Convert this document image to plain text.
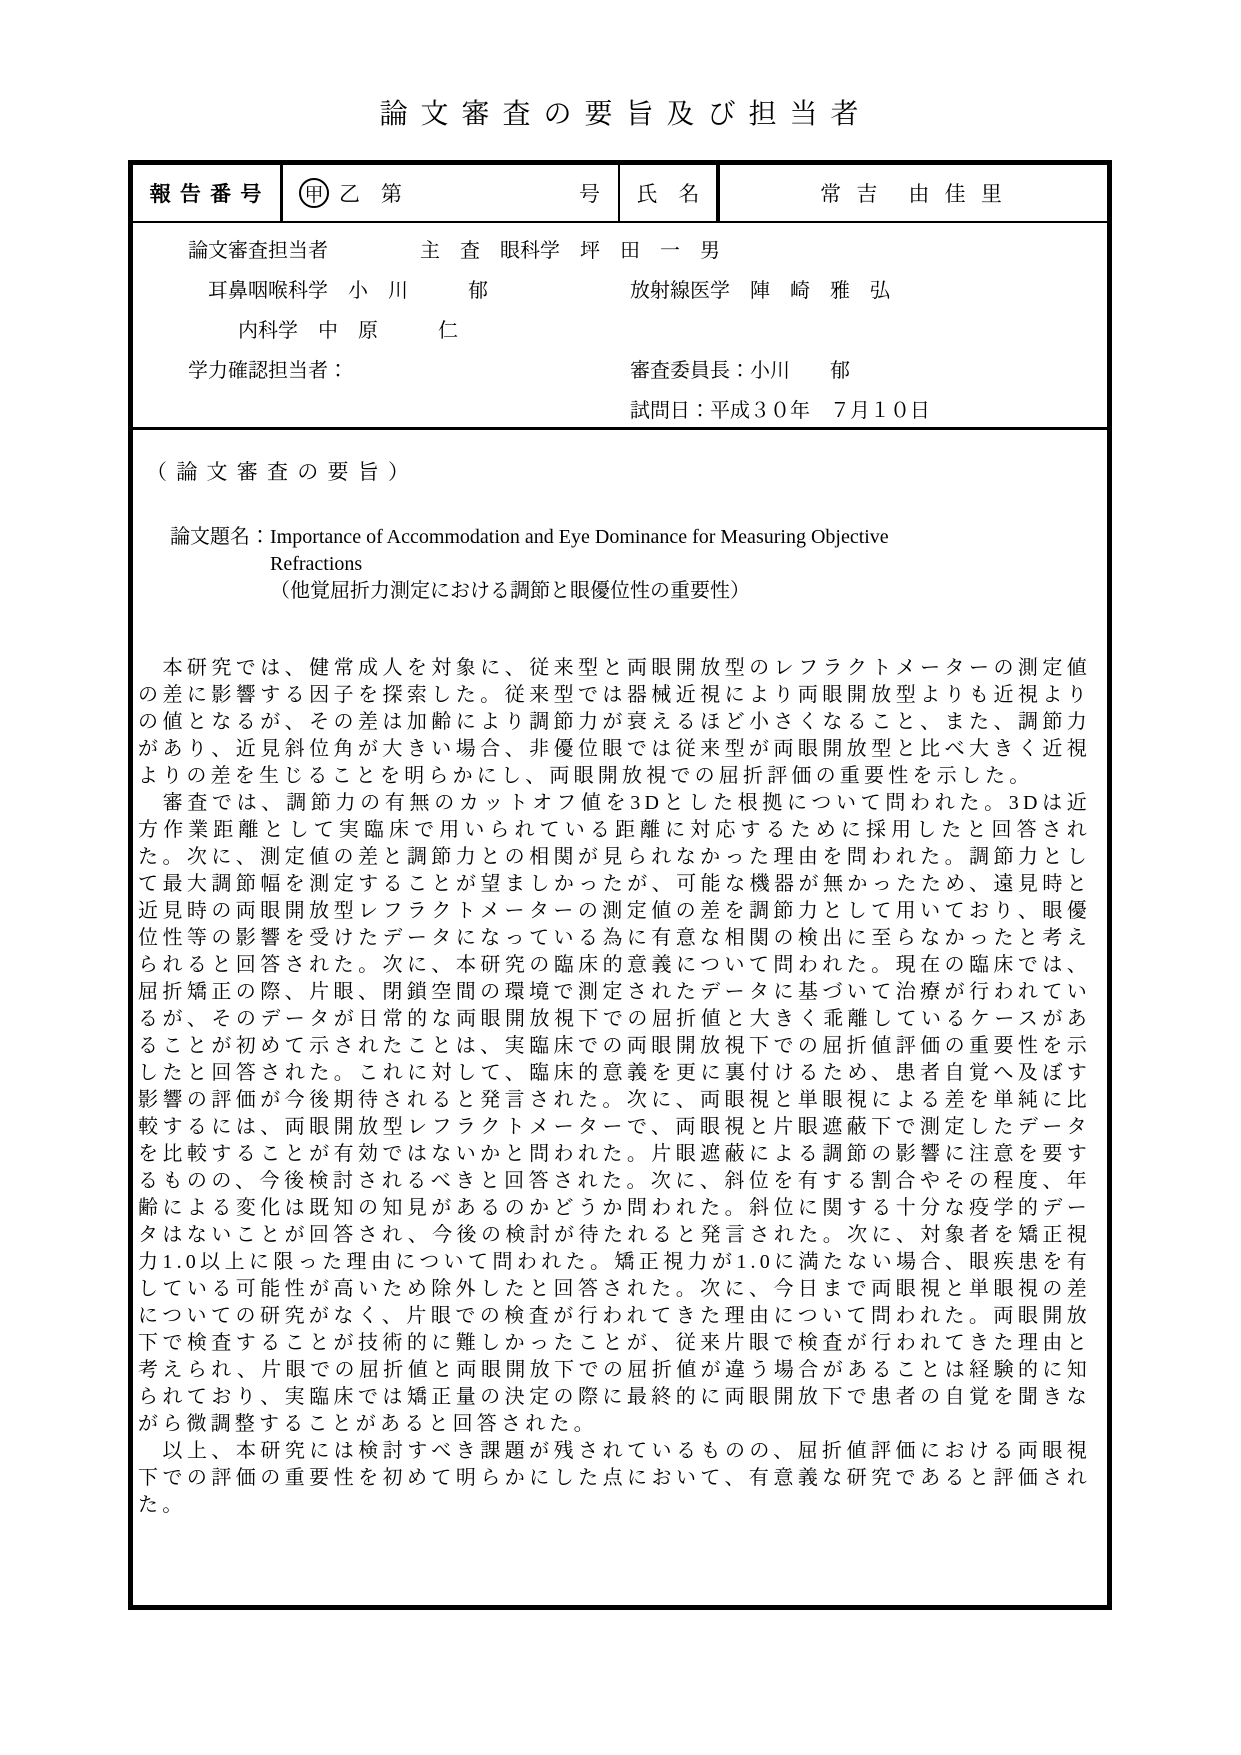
論 文 審 査 の 要 旨 及 び 担 当 者
報 告 番 号	甲 乙　第	号	氏　名	常 吉　由 佳 里
論文審査担当者	主　査　眼科学　坪　田　一　男
耳鼻咽喉科学　小　川　　　郁	放射線医学　陣　崎　雅　弘
内科学　中　原　　　仁
学力確認担当者：	審査委員長：小川　　郁
試問日：平成３０年　７月１０日
（ 論 文 審 査 の 要 旨 ）
論文題名： Importance of Accommodation and Eye Dominance for Measuring Objective
Refractions
（他覚屈折力測定における調節と眼優位性の重要性）

　本研究では、健常成人を対象に、従来型と両眼開放型のレフラクトメーターの測定値の差に影響する因子を探索した。従来型では器械近視により両眼開放型よりも近視よりの値となるが、その差は加齢により調節力が衰えるほど小さくなること、また、調節力があり、近見斜位角が大きい場合、非優位眼では従来型が両眼開放型と比べ大きく近視よりの差を生じることを明らかにし、両眼開放視での屈折評価の重要性を示した。

　審査では、調節力の有無のカットオフ値を3Dとした根拠について問われた。3Dは近方作業距離として実臨床で用いられている距離に対応するために採用したと回答された。次に、測定値の差と調節力との相関が見られなかった理由を問われた。調節力として最大調節幅を測定することが望ましかったが、可能な機器が無かったため、遠見時と近見時の両眼開放型レフラクトメーターの測定値の差を調節力として用いており、眼優位性等の影響を受けたデータになっている為に有意な相関の検出に至らなかったと考えられると回答された。次に、本研究の臨床的意義について問われた。現在の臨床では、屈折矯正の際、片眼、閉鎖空間の環境で測定されたデータに基づいて治療が行われているが、そのデータが日常的な両眼開放視下での屈折値と大きく乖離しているケースがあることが初めて示されたことは、実臨床での両眼開放視下での屈折値評価の重要性を示したと回答された。これに対して、臨床的意義を更に裏付けるため、患者自覚へ及ぼす影響の評価が今後期待されると発言された。次に、両眼視と単眼視による差を単純に比較するには、両眼開放型レフラクトメーターで、両眼視と片眼遮蔽下で測定したデータを比較することが有効ではないかと問われた。片眼遮蔽による調節の影響に注意を要するものの、今後検討されるべきと回答された。次に、斜位を有する割合やその程度、年齢による変化は既知の知見があるのかどうか問われた。斜位に関する十分な疫学的データはないことが回答され、今後の検討が待たれると発言された。次に、対象者を矯正視力1.0以上に限った理由について問われた。矯正視力が1.0に満たない場合、眼疾患を有している可能性が高いため除外したと回答された。次に、今日まで両眼視と単眼視の差についての研究がなく、片眼での検査が行われてきた理由について問われた。両眼開放下で検査することが技術的に難しかったことが、従来片眼で検査が行われてきた理由と考えられ、片眼での屈折値と両眼開放下での屈折値が違う場合があることは経験的に知られており、実臨床では矯正量の決定の際に最終的に両眼開放下で患者の自覚を聞きながら微調整することがあると回答された。

　以上、本研究には検討すべき課題が残されているものの、屈折値評価における両眼視下での評価の重要性を初めて明らかにした点において、有意義な研究であると評価された。
